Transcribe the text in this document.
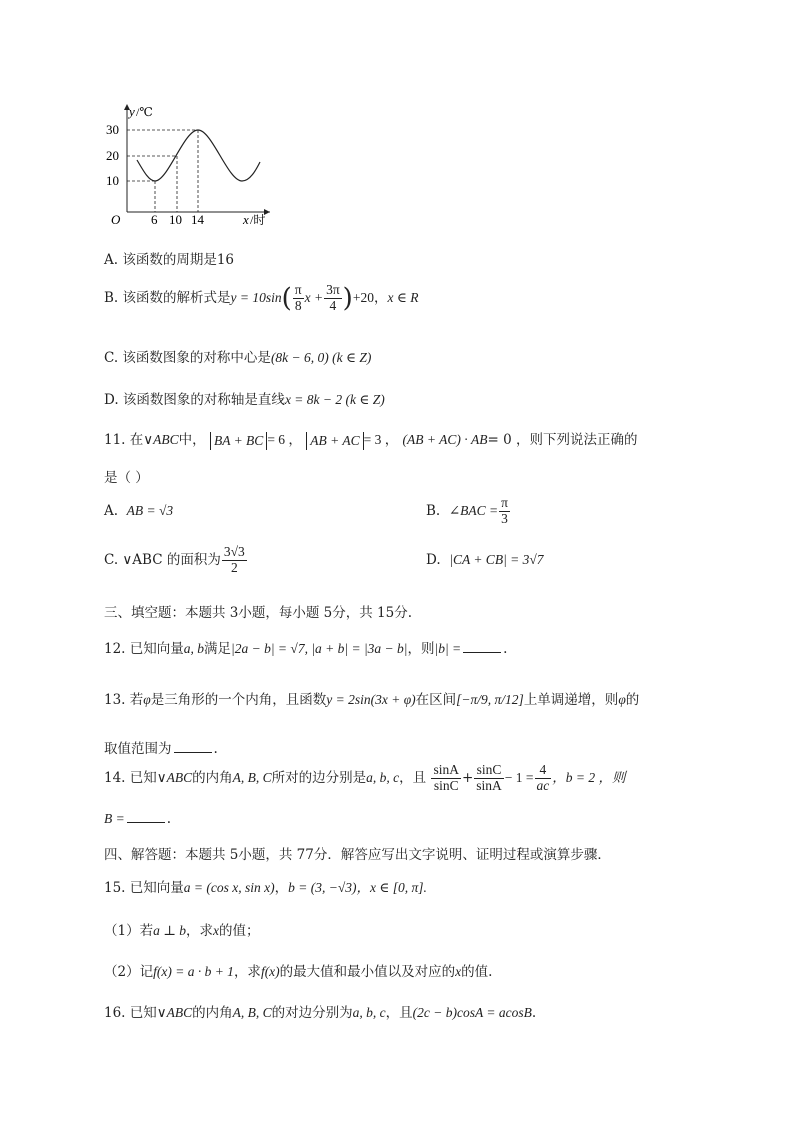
y /℃
10
20
30
O 6 10 14	x /时
A. 该函数的周期是16
B. 该函数的解析式是$y = 10\sin( \frac{\pi}{8}$ $x + \frac{3\pi}{4} )+20$，x ∈ R
C. 该函数图象的对称中心是(8k − 6, 0) (k ∈ Z)
D. 该函数图象的对称轴是直线x = 8k − 2 (k ∈ Z)
11. 在∨ABC中， BA + BC = 6 ， AB + AC = 3 ， (AB + AC) · AB= 0 ，则下列说法正确的
是（ ）
A. AB = √3	B. ∠BAC = $\frac{\pi}{3}$
C. ∨ABC 的面积为 $\frac{3√3}{2}$	D. |CA + CB| = 3√7
三、填空题：本题共 3小题，每小题 5分，共 15分.
12. 已知向量a, b满足|2a − b| = √7, |a + b| = |3a − b|，则|b| =	.
13. 若φ是三角形的一个内角，且函数y = 2sin(3x + φ)在区间[−π/9, π/12]上单调递增，则φ的
取值范围为	.
14. 已知∨ABC的内角A, B, C所对的边分别是a, b, c，且 $\frac{\sin A}{\sin C} + \frac{\sin C}{\sin A} - 1 = \frac{4}{ac}$ ，b = 2 ，则
B =	.
四、解答题：本题共 5小题，共 77分．解答应写出文字说明、证明过程或演算步骤．
15. 已知向量a = (cos x, sin x)，b = (3, −√3)，x ∈ [0, π].
（1）若a ⊥ b，求x的值；
（2）记f(x) = a · b + 1，求f(x)的最大值和最小值以及对应的x的值.
16. 已知∨ABC的内角A, B, C的对边分别为a, b, c，且(2c − b)cosA = acosB.
